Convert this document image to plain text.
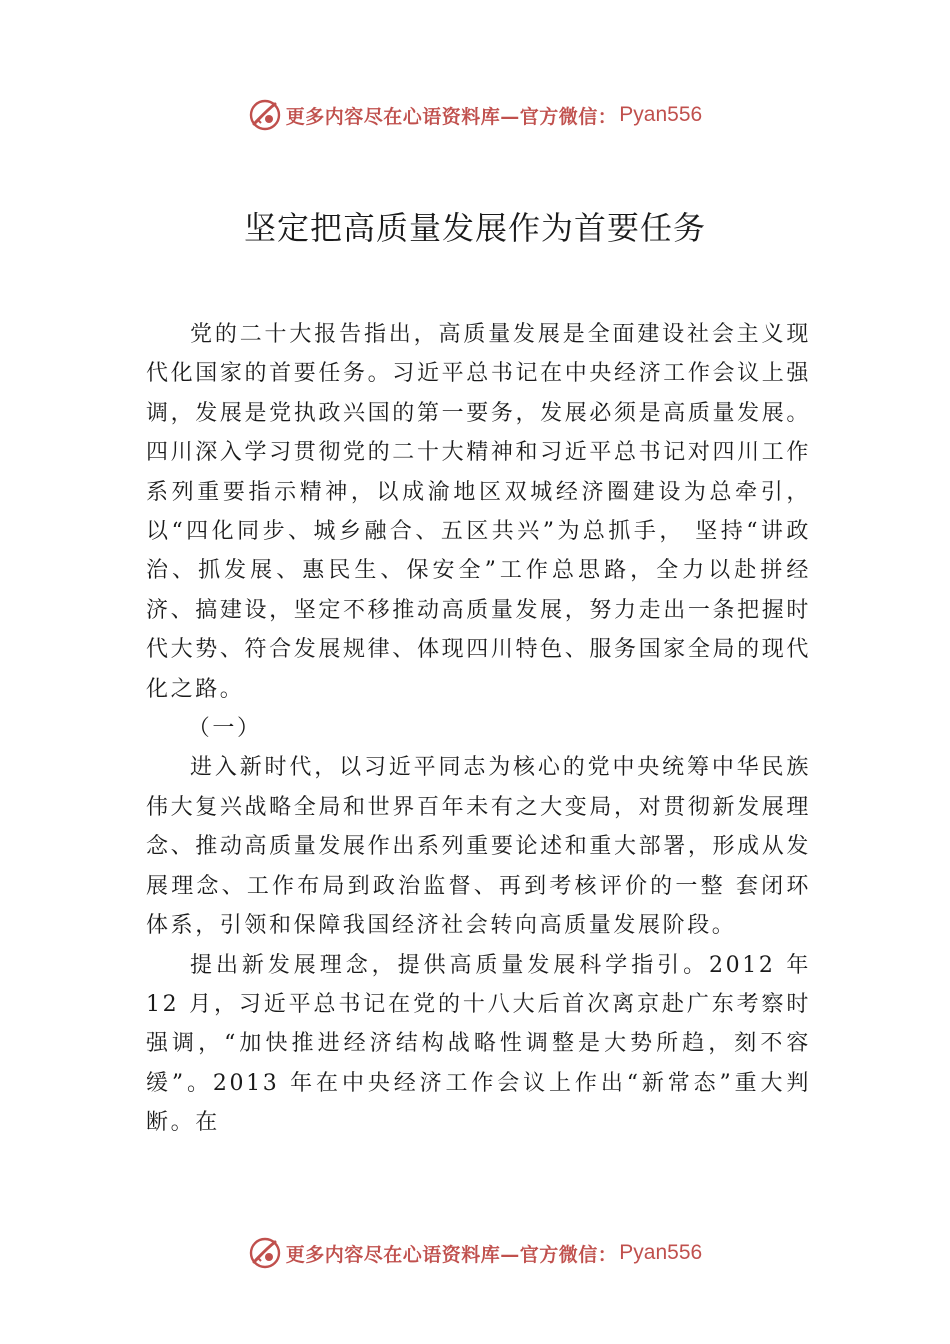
更多内容尽在心语资料库—官方微信： Pyan556
坚定把高质量发展作为首要任务

党的二十大报告指出，高质量发展是全面建设社会主义现代化国家的首要任务。习近平总书记在中央经济工作会议上强调，发展是党执政兴国的第一要务，发展必须是高质量发展。四川深入学习贯彻党的二十大精神和习近平总书记对四川工作系列重要指示精神，以成渝地区双城经济圈建设为总牵引，以“四化同步、城乡融合、五区共兴”为总抓手， 坚持“讲政治、抓发展、惠民生、保安全”工作总思路，全力以赴拼经济、搞建设，坚定不移推动高质量发展，努力走出一条把握时代大势、符合发展规律、体现四川特色、服务国家全局的现代化之路。

（一）

进入新时代，以习近平同志为核心的党中央统筹中华民族伟大复兴战略全局和世界百年未有之大变局，对贯彻新发展理念、推动高质量发展作出系列重要论述和重大部署，形成从发展理念、工作布局到政治监督、再到考核评价的一整 套闭环体系，引领和保障我国经济社会转向高质量发展阶段。

提出新发展理念，提供高质量发展科学指引。2012 年 12 月，习近平总书记在党的十八大后首次离京赴广东考察时强调，“加快推进经济结构战略性调整是大势所趋，刻不容缓”。2013 年在中央经济工作会议上作出“新常态”重大判断。在

更多内容尽在心语资料库—官方微信： Pyan556
